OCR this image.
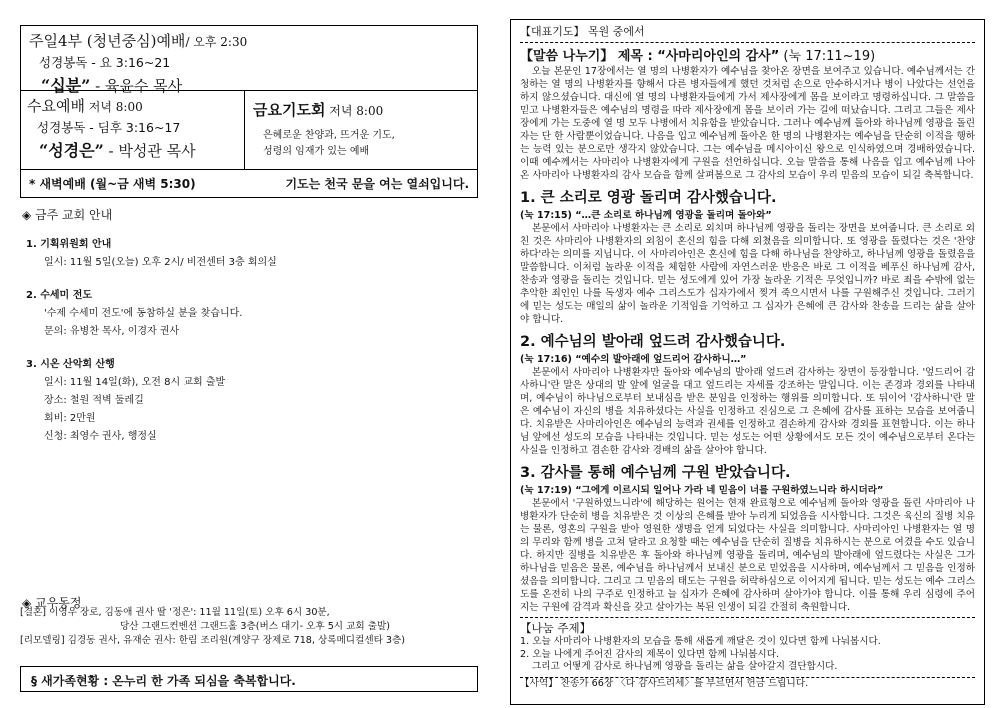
주일4부 (청년중심)예배/ 오후 2:30
성경봉독 - 요 3:16~21
“십분” - 육윤수 목사
수요예배 저녁 8:00
성경봉독 - 딤후 3:16~17
“성경은” - 박성관 목사
금요기도회 저녁 8:00
은혜로운 찬양과, 뜨거운 기도,
성령의 임재가 있는 예배
* 새벽예배 (월~금 새벽 5:30)	기도는 천국 문을 여는 열쇠입니다.
◈ 금주 교회 안내
1. 기획위원회 안내
일시: 11월 5일(오늘) 오후 2시/ 비전센터 3층 회의실
2. 수세미 전도
'수제 수세미 전도'에 동참하실 분을 찾습니다.
문의: 유병찬 목사, 이경자 권사
3. 시온 산악회 산행
일시: 11월 14일(화), 오전 8시 교회 출발
장소: 철원 적벽 둘레길
회비: 2만원
신청: 최영수 권사, 행정실
◈ 교우동정
[결혼] 이영우 장로, 김동애 권사 딸 '정은': 11월 11일(토) 오후 6시 30분,
당산 그랜드컨벤션 그랜드홀 3층(버스 대기- 오후 5시 교회 출발)
[리모델링] 김경동 권사, 유재순 권사: 한림 조리원(계양구 장제로 718, 상록메디컬센타 3층)
§ 새가족현황 : 온누리 한 가족 되심을 축복합니다.
【대표기도】 목원 중에서
【말씀 나누기】 제목 : “사마리아인의 감사” (눅 17:11~19)
오늘 본문인 17장에서는 열 명의 나병환자가 예수님을 찾아온 장면을 보여주고 있습니다. 예수님께서는 간청하는 열 명의 나병환자를 향해서 다른 병자들에게 했던 것처럼 손으로 안수하시거나 병이 나았다는 선언을 하지 않으셨습니다. 대신에 열 명의 나병환자들에게 가서 제사장에게 몸을 보이라고 명령하십니다. 그 말씀을 믿고 나병환자들은 예수님의 명령을 따라 제사장에게 몸을 보이러 가는 길에 떠났습니다. 그리고 그들은 제사장에게 가는 도중에 열 명 모두 나병에서 치유함을 받았습니다. 그러나 예수님께 돌아와 하나님께 영광을 돌린 자는 단 한 사람뿐이었습니다. 나음을 입고 예수님께 돌아온 한 명의 나병환자는 예수님을 단순히 이적을 행하는 능력 있는 분으로만 생각지 않았습니다. 그는 예수님을 메시아이신 왕으로 인식하였으며 경배하였습니다. 이때 예수께서는 사마리아 나병환자에게 구원을 선언하십니다. 오늘 말씀을 통해 나음을 입고 예수님께 나아온 사마리아 나병환자의 감사 모습을 함께 살펴봄으로 그 감사의 모습이 우리 믿음의 모습이 되길 축복합니다.
1. 큰 소리로 영광 돌리며 감사했습니다.
(눅 17:15) “…큰 소리로 하나님께 영광을 돌리며 돌아와”
본문에서 사마리아 나병환자는 큰 소리로 외치며 하나님께 영광을 돌리는 장면을 보여줍니다. 큰 소리로 외친 것은 사마리아 나병환자의 외침이 혼신의 힘을 다해 외쳤음을 의미합니다. 또 영광을 돌렸다는 것은 '찬양하다'라는 의미를 지닙니다. 이 사마리아인은 혼신에 힘을 다해 하나님을 찬양하고, 하나님께 영광을 돌렸음을 말씀합니다. 이처럼 놀라운 이적을 체험한 사람에 자연스러운 반응은 바로 그 이적을 베푸신 하나님께 감사, 찬송과 영광을 돌리는 것입니다. 믿는 성도에게 있어 가장 놀라운 기적은 무엇입니까? 바로 죄을 수밖에 없는 추악한 죄인인 나를 독생자 예수 그리스도가 십자가에서 찢겨 죽으시면서 나를 구원해주신 것입니다. 그러기에 믿는 성도는 매일의 삶이 놀라운 기적임을 기억하고 그 십자가 은혜에 큰 감사와 찬송을 드리는 삶을 살아야 합니다.
2. 예수님의 발아래 엎드려 감사했습니다.
(눅 17:16) “예수의 발아래에 엎드리어 감사하니…”
본문에서 사마리아 나병환자만 돌아와 예수님의 발아래 엎드려 감사하는 장면이 등장합니다. '엎드리어 감사하니'란 말은 상대의 발 앞에 얼굴을 대고 엎드리는 자세를 강조하는 말입니다. 이는 존경과 경외를 나타내며, 예수님이 하나님으로부터 보내심을 받은 분임을 인정하는 행위를 의미합니다. 또 뒤이어 '감사하니'란 말은 예수님이 자신의 병을 치유하셨다는 사실을 인정하고 진심으로 그 은혜에 감사를 표하는 모습을 보여줍니다. 치유받은 사마리아인은 예수님의 능력과 권세를 인정하고 겸손하게 감사와 경외를 표현합니다. 이는 하나님 앞에선 성도의 모습을 나타내는 것입니다. 믿는 성도는 어떤 상황에서도 모든 것이 예수님으로부터 온다는 사실을 인정하고 겸손한 감사와 경배의 삶을 살아야 합니다.
3. 감사를 통해 예수님께 구원 받았습니다.
(눅 17:19) “그에게 이르시되 일어나 가라 네 믿음이 너를 구원하였느니라 하시더라”
본문에서 '구원하였느니라'에 해당하는 원어는 현재 완료형으로 예수님께 돌아와 영광을 돌린 사마리아 나병환자가 단순히 병을 치유받은 것 이상의 은혜를 받아 누리게 되었음을 시사합니다. 그것은 육신의 질병 치유는 물론, 영혼의 구원을 받아 영원한 생명을 얻게 되었다는 사실을 의미합니다. 사마리아인 나병환자는 열 명의 무리와 함께 병을 고쳐 달라고 요청할 때는 예수님을 단순히 질병을 치유하시는 분으로 여겼을 수도 있습니다. 하지만 질병을 치유받은 후 돌아와 하나님께 영광을 돌리며, 예수님의 발아래에 엎드렸다는 사실은 그가 하나님을 믿음은 물론, 예수님을 하나님께서 보내신 분으로 믿었음을 시사하며, 예수님께서 그 믿음을 인정하셨음을 의미합니다. 그리고 그 믿음의 태도는 구원을 허락하심으로 이어지게 됩니다. 믿는 성도는 예수 그리스도를 온전히 나의 구주로 인정하고 늘 십자가 은혜에 감사하며 살아가야 합니다. 이를 통해 우리 심령에 주어지는 구원에 감격과 확신을 갖고 살아가는 복된 인생이 되길 간절히 축원합니다.
【나눔 주제】
1. 오늘 사마리아 나병환자의 모습을 통해 새롭게 깨달은 것이 있다면 함께 나눠봅시다.
2. 오늘 나에게 주어진 감사의 제목이 있다면 함께 나눠봅시다.
그리고 어떻게 감사로 하나님께 영광을 돌리는 삶을 살아갈지 결단합시다.
【사역】 찬송가 66장 〈다 감사드리세〉를 부르면서 헌금 드립니다.
